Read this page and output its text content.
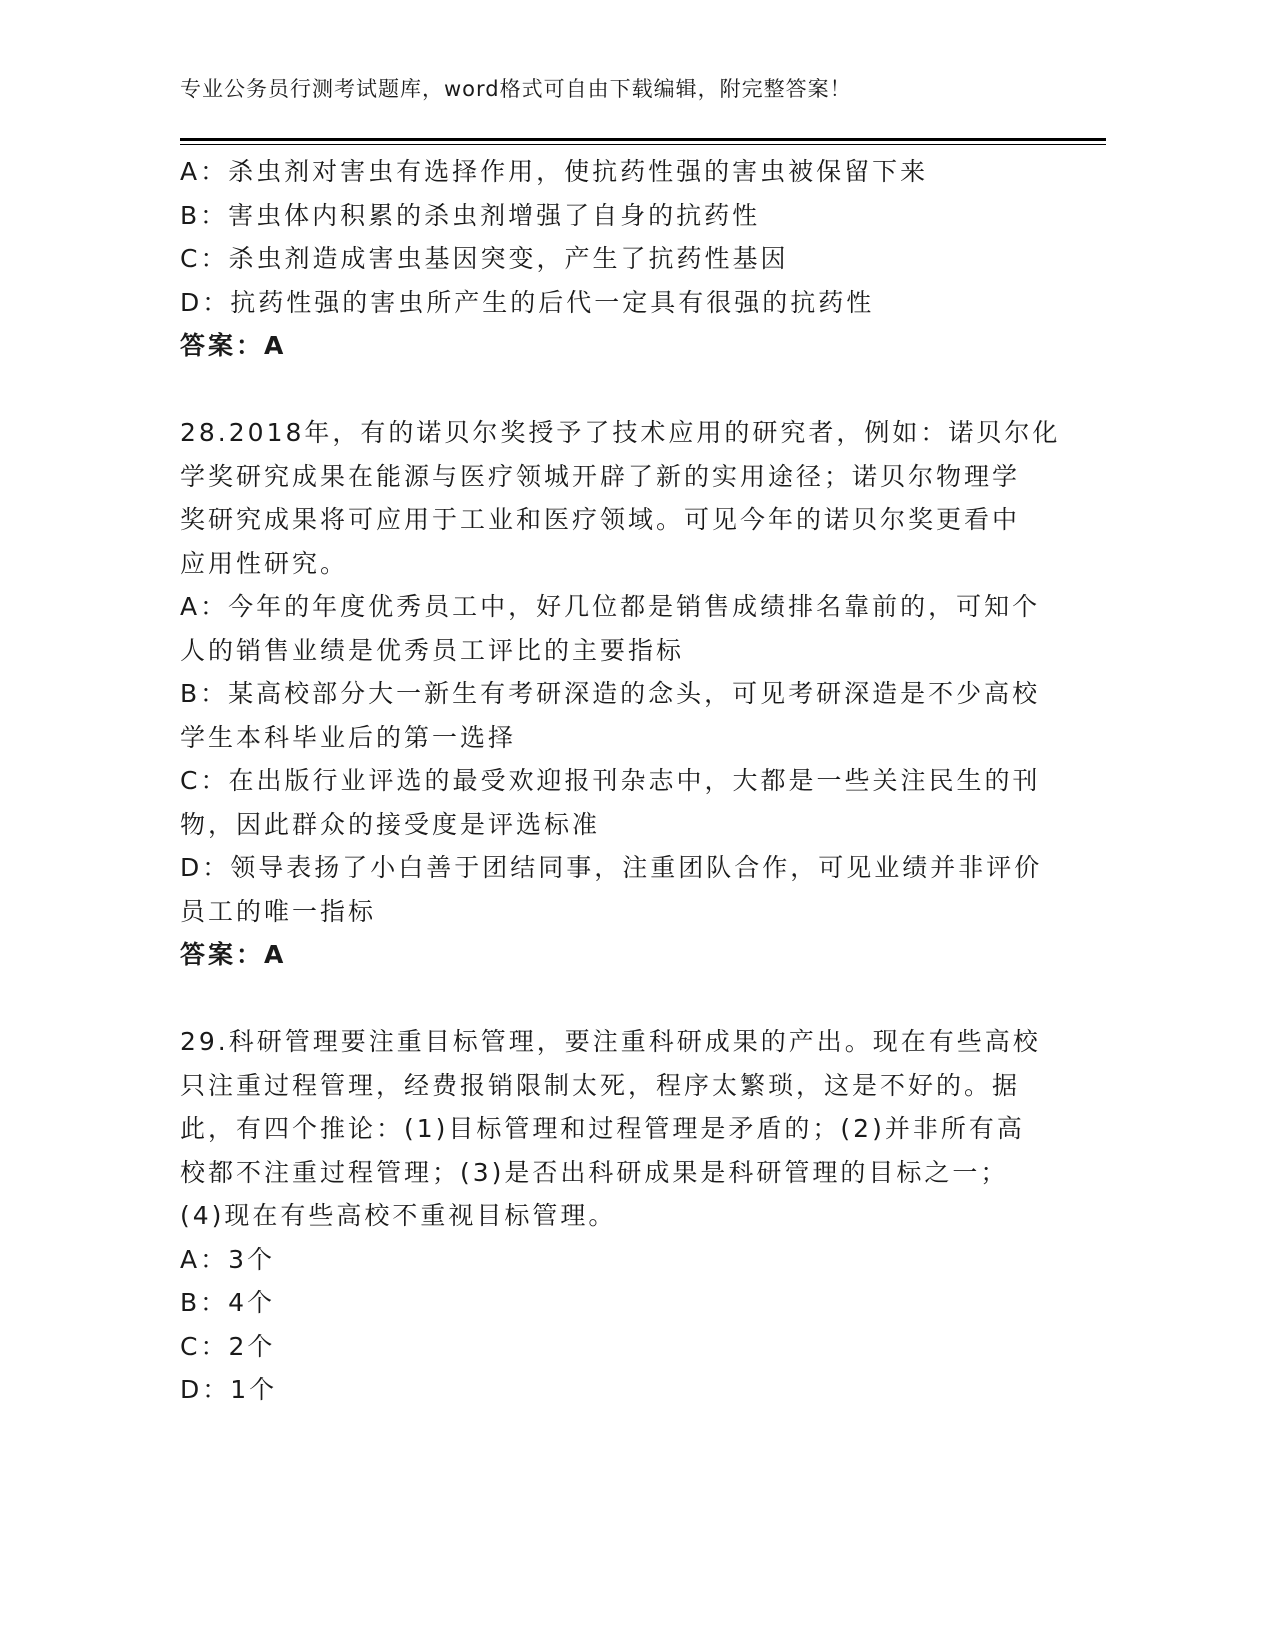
专业公务员行测考试题库，word格式可自由下载编辑，附完整答案！
A：杀虫剂对害虫有选择作用，使抗药性强的害虫被保留下来
B：害虫体内积累的杀虫剂增强了自身的抗药性
C：杀虫剂造成害虫基因突变，产生了抗药性基因
D：抗药性强的害虫所产生的后代一定具有很强的抗药性
答案：A
28.2018年，有的诺贝尔奖授予了技术应用的研究者，例如：诺贝尔化
学奖研究成果在能源与医疗领城开辟了新的实用途径；诺贝尔物理学
奖研究成果将可应用于工业和医疗领域。可见今年的诺贝尔奖更看中
应用性研究。
A：今年的年度优秀员工中，好几位都是销售成绩排名靠前的，可知个
人的销售业绩是优秀员工评比的主要指标
B：某高校部分大一新生有考研深造的念头，可见考研深造是不少高校
学生本科毕业后的第一选择
C：在出版行业评选的最受欢迎报刊杂志中，大都是一些关注民生的刊
物，因此群众的接受度是评选标准
D：领导表扬了小白善于团结同事，注重团队合作，可见业绩并非评价
员工的唯一指标
答案：A
29.科研管理要注重目标管理，要注重科研成果的产出。现在有些高校
只注重过程管理，经费报销限制太死，程序太繁琐，这是不好的。据
此，有四个推论：(1)目标管理和过程管理是矛盾的；(2)并非所有高
校都不注重过程管理；(3)是否出科研成果是科研管理的目标之一；
(4)现在有些高校不重视目标管理。
A：3个
B：4个
C：2个
D：1个
